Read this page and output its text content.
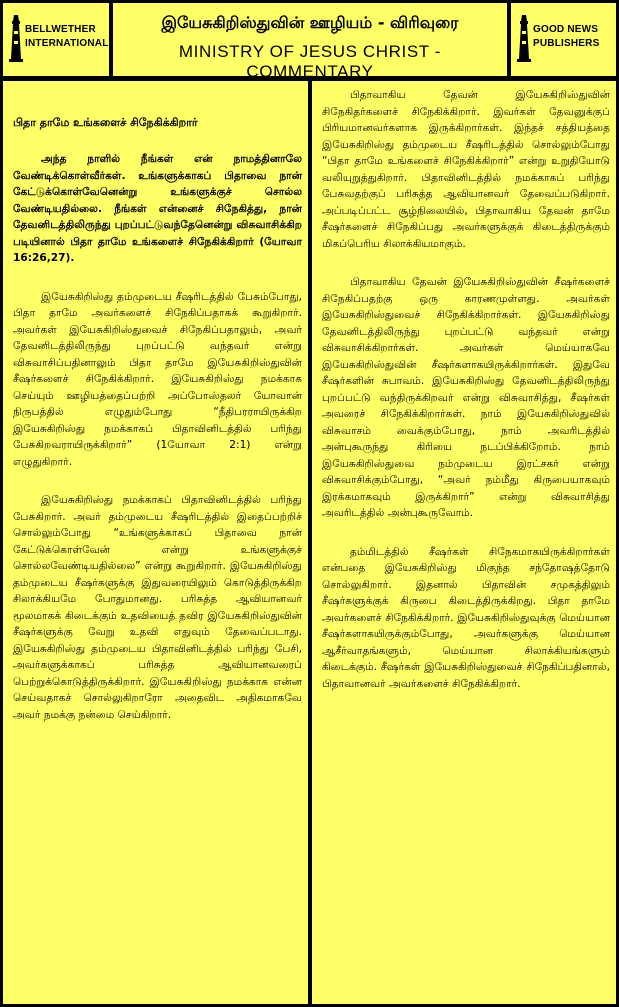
BELLWETHER
INTERNATIONAL
இயேசுகிறிஸ்துவின் ஊழியம் - விரிவுரை
MINISTRY OF JESUS CHRIST - COMMENTARY
GOOD NEWS
PUBLISHERS
பிதா தாமே உங்களைச் சிநேகிக்கிறார்

அந்த நாளில் நீங்கள் என் நாமத்தினாலே வேண்டிக்கொள்வீர்கள். உங்களுக்காகப் பிதாவை நான் கேட்டுக்கொள்வேனென்று உங்களுக்குச் சொல்ல வேண்டியதில்லை. நீங்கள் என்னைச் சிநேகித்து, நான் தேவனிடத்திலிருந்து புறப்பட்டுவந்தேனென்று விசுவாசிக்கிற படியினால் பிதா தாமே உங்களைச் சிநேகிக்கிறார் (யோவா 16:26,27).

இயேசுகிறிஸ்து தம்முடைய சீஷரிடத்தில் பேசும்போது, பிதா தாமே அவர்களைச் சிநேகிப்பதாகக் கூறுகிறார். அவர்கள் இயேசுகிறிஸ்துவைச் சிநேகிப்பதாலும், அவர் தேவனிடத்திலிருந்து புறப்பட்டு வந்தவர் என்று விசுவாசிப்பதினாலும் பிதா தாமே இயேசுகிறிஸ்துவின் சீஷர்களைச் சிநேகிக்கிறார். இயேசுகிறிஸ்து நமக்காக செய்யும் ஊழியத்தைப்பற்றி அப்போஸ்தலர் யோவான் நிருபத்தில் எழுதும்போது “நீதிபரராயிருக்கிற இயேசுகிறிஸ்து நமக்காகப் பிதாவினிடத்தில் பரிந்து பேசுகிறவராயிருக்கிறார்” (1யோவா 2:1) என்று எழுதுகிறார்.

இயேசுகிறிஸ்து நமக்காகப் பிதாவினிடத்தில் பரிந்து பேசுகிறார். அவர் தம்முடைய சீஷரிடத்தில் இதைப்பற்றிச் சொல்லும்போது “உங்களுக்காகப் பிதாவை நான் கேட்டுக்கொள்வேன் என்று உங்களுக்குச் சொல்லவேண்டியதில்லை” என்று கூறுகிறார். இயேசுகிறிஸ்து தம்முடைய சீஷர்களுக்கு இதுவரையிலும் கொடுத்திருக்கிற சிலாக்கியமே போதுமானது. பரிசுத்த ஆவியானவர் மூலமாகக் கிடைக்கும் உதவியைத் தவிர இயேசுகிறிஸ்துவின் சீஷர்களுக்கு வேறு உதவி எதுவும் தேவைப்படாது. இயேசுகிறிஸ்து தம்முடைய பிதாவினிடத்தில் பரிந்து பேசி, அவர்களுக்காகப் பரிசுத்த ஆவியானவரைப் பெற்றுக்கொடுத்திருக்கிறார். இயேசுகிறிஸ்து நமக்காக என்ன செய்வதாகச் சொல்லுகிறாரோ அதைவிட அதிகமாகவே அவர் நமக்கு நன்மை செய்கிறார்.

பிதாவாகிய தேவன் இயேசுகிறிஸ்துவின் சிநேகிதர்களைச் சிநேகிக்கிறார். இவர்கள் தேவனுக்குப் பிரியமானவர்களாக இருக்கிறார்கள். இந்தச் சத்தியத்தை இயேசுகிறிஸ்து தம்முடைய சீஷரிடத்தில் சொல்லும்போது “பிதா தாமே உங்களைச் சிநேகிக்கிறார்” என்று உறுதியோடு வலியுறுத்துகிறார். பிதாவினிடத்தில் நமக்காகப் பரிந்து பேசுவதற்குப் பரிசுத்த ஆவியானவர் தேவைப்படுகிறார். அப்படிப்பட்ட சூழ்நிலையில், பிதாவாகிய தேவன் தாமே சீஷர்களைச் சிநேகிப்பது அவர்களுக்குக் கிடைத்திருக்கும் மிகப்பெரிய சிலாக்கியமாகும்.

பிதாவாகிய தேவன் இயேசுகிறிஸ்துவின் சீஷர்களைச் சிநேகிப்பதற்கு ஒரு காரணமுள்ளது. அவர்கள் இயேசுகிறிஸ்துவைச் சிநேகிக்கிறார்கள். இயேசுகிறிஸ்து தேவனிடத்திலிருந்து புறப்பட்டு வந்தவர் என்று விசுவாசிக்கிறார்கள். அவர்கள் மெய்யாகவே இயேசுகிறிஸ்துவின் சீஷர்களாகயிருக்கிறார்கள். இதுவே சீஷர்களின் சுபாவம். இயேசுகிறிஸ்து தேவனிடத்திலிருந்து புறப்பட்டு வந்திருக்கிறவர் என்று விசுவாசித்து, சீஷர்கள் அவரைச் சிநேகிக்கிறார்கள். நாம் இயேசுகிறிஸ்துவில் விசுவாசம் வைக்கும்போது, நாம் அவரிடத்தில் அன்புகூருந்து கிரியை நடப்பிக்கிறோம். நாம் இயேசுகிறிஸ்துவை நம்முடைய இரட்சகர் என்று விசுவாசிக்கும்போது, “அவர் நம்மீது கிருபையாகவும் இரக்கமாகவும் இருக்கிறார்” என்று விசுவாசித்து அவரிடத்தில் அன்புகூருவோம்.

தம்மிடத்தில் சீஷர்கள் சிநேகமாகயிருக்கிறார்கள் என்பதை இயேசுகிறிஸ்து மிகுந்த சந்தோஷத்தோடு சொல்லுகிறார். இதனால் பிதாவின் சமுகத்திலும் சீஷர்களுக்குக் கிருபை கிடைத்திருக்கிறது. பிதா தாமே அவர்களைச் சிநேகிக்கிறார். இயேசுகிறிஸ்துவுக்கு மெய்யான சீஷர்களாகயிருக்கும்போது, அவர்களுக்கு மெய்யான ஆசீர்வாதங்களும், மெய்யான சிலாக்கியங்களும் கிடைக்கும். சீஷர்கள் இயேசுகிறிஸ்துவைச் சிநேகிப்பதினால், பிதாவானவர் அவர்களைச் சிநேகிக்கிறார்.
